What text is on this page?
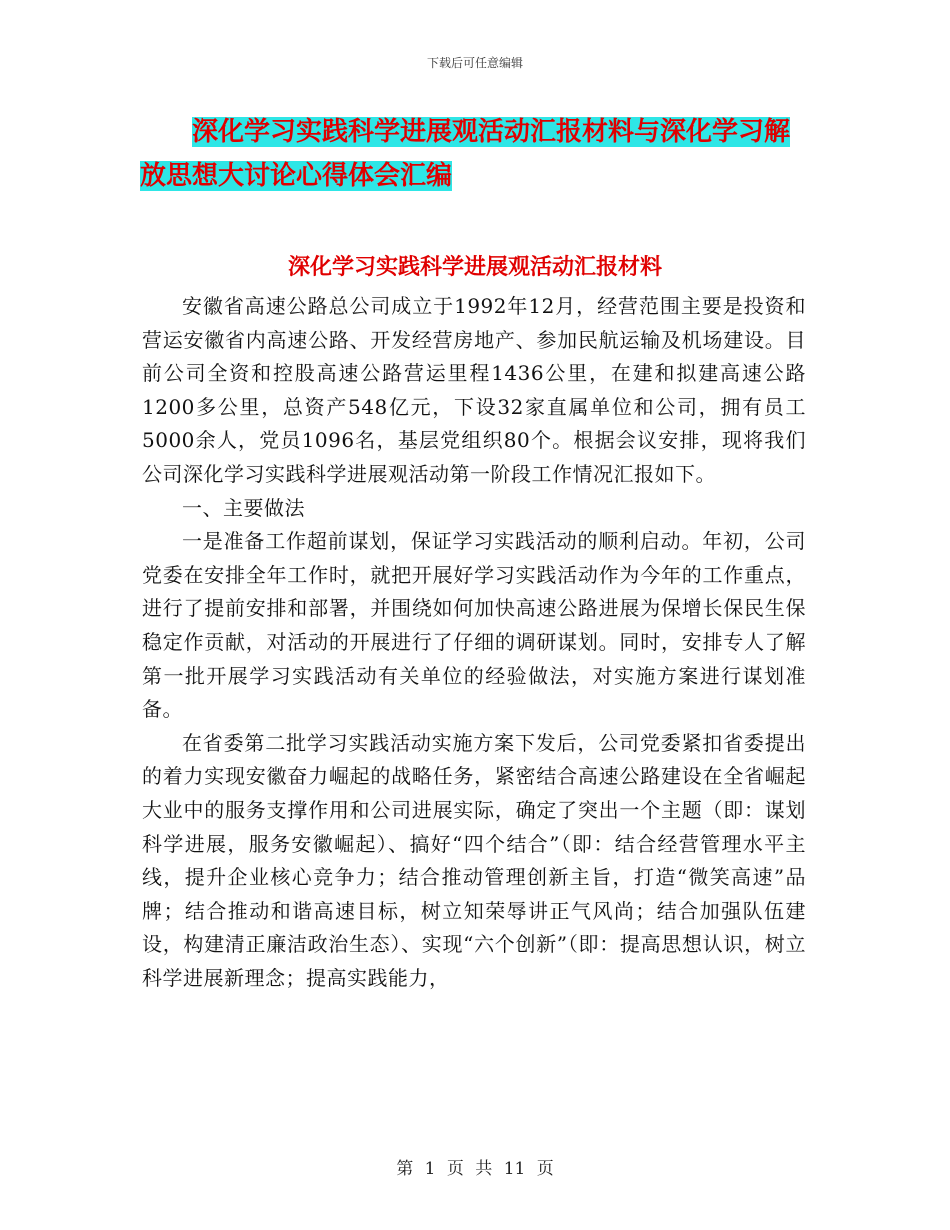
下载后可任意编辑
深化学习实践科学进展观活动汇报材料与深化学习解
放思想大讨论心得体会汇编
深化学习实践科学进展观活动汇报材料

安徽省高速公路总公司成立于1992年12月，经营范围主要是投资和营运安徽省内高速公路、开发经营房地产、参加民航运输及机场建设。目前公司全资和控股高速公路营运里程1436公里，在建和拟建高速公路1200多公里，总资产548亿元，下设32家直属单位和公司，拥有员工5000余人，党员1096名，基层党组织80个。根据会议安排，现将我们公司深化学习实践科学进展观活动第一阶段工作情况汇报如下。

一、主要做法

一是准备工作超前谋划，保证学习实践活动的顺利启动。年初，公司党委在安排全年工作时，就把开展好学习实践活动作为今年的工作重点，进行了提前安排和部署，并围绕如何加快高速公路进展为保增长保民生保稳定作贡献，对活动的开展进行了仔细的调研谋划。同时，安排专人了解第一批开展学习实践活动有关单位的经验做法，对实施方案进行谋划准备。

在省委第二批学习实践活动实施方案下发后，公司党委紧扣省委提出的着力实现安徽奋力崛起的战略任务，紧密结合高速公路建设在全省崛起大业中的服务支撑作用和公司进展实际，确定了突出一个主题（即：谋划科学进展，服务安徽崛起）、搞好“四个结合”（即：结合经营管理水平主线，提升企业核心竞争力；结合推动管理创新主旨，打造“微笑高速”品牌；结合推动和谐高速目标，树立知荣辱讲正气风尚；结合加强队伍建设，构建清正廉洁政治生态）、实现“六个创新”（即：提高思想认识，树立科学进展新理念；提高实践能力，

第 1 页 共 11 页
